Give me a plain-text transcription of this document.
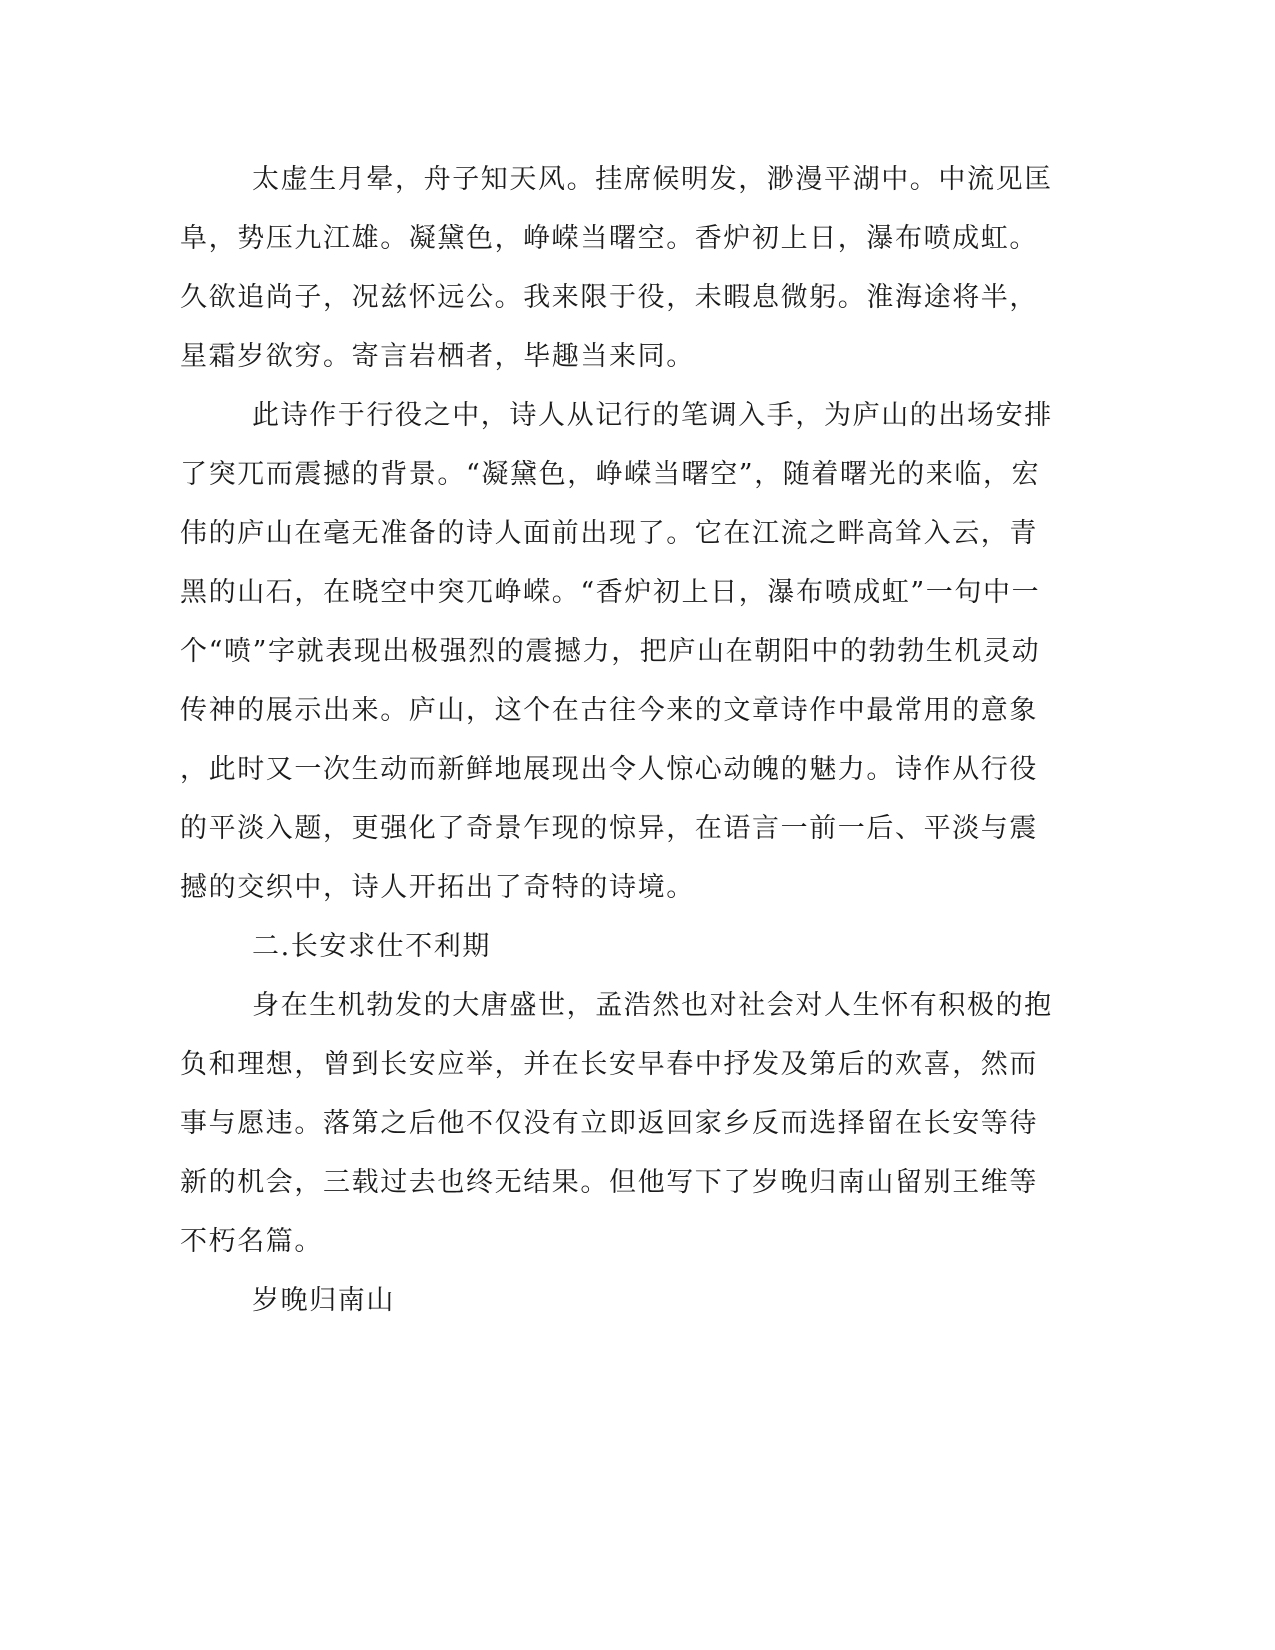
太虚生月晕，舟子知天风。挂席候明发，渺漫平湖中。中流见匡
阜，势压九江雄。凝黛色，峥嵘当曙空。香炉初上日，瀑布喷成虹。
久欲追尚子，况兹怀远公。我来限于役，未暇息微躬。淮海途将半，
星霜岁欲穷。寄言岩栖者，毕趣当来同。
此诗作于行役之中，诗人从记行的笔调入手，为庐山的出场安排
了突兀而震撼的背景。“凝黛色，峥嵘当曙空”，随着曙光的来临，宏
伟的庐山在毫无准备的诗人面前出现了。它在江流之畔高耸入云，青
黑的山石，在晓空中突兀峥嵘。“香炉初上日，瀑布喷成虹”一句中一
个“喷”字就表现出极强烈的震撼力，把庐山在朝阳中的勃勃生机灵动
传神的展示出来。庐山，这个在古往今来的文章诗作中最常用的意象
，此时又一次生动而新鲜地展现出令人惊心动魄的魅力。诗作从行役
的平淡入题，更强化了奇景乍现的惊异，在语言一前一后、平淡与震
撼的交织中，诗人开拓出了奇特的诗境。
二.长安求仕不利期
身在生机勃发的大唐盛世，孟浩然也对社会对人生怀有积极的抱
负和理想，曾到长安应举，并在长安早春中抒发及第后的欢喜，然而
事与愿违。落第之后他不仅没有立即返回家乡反而选择留在长安等待
新的机会，三载过去也终无结果。但他写下了岁晚归南山留别王维等
不朽名篇。
岁晚归南山
